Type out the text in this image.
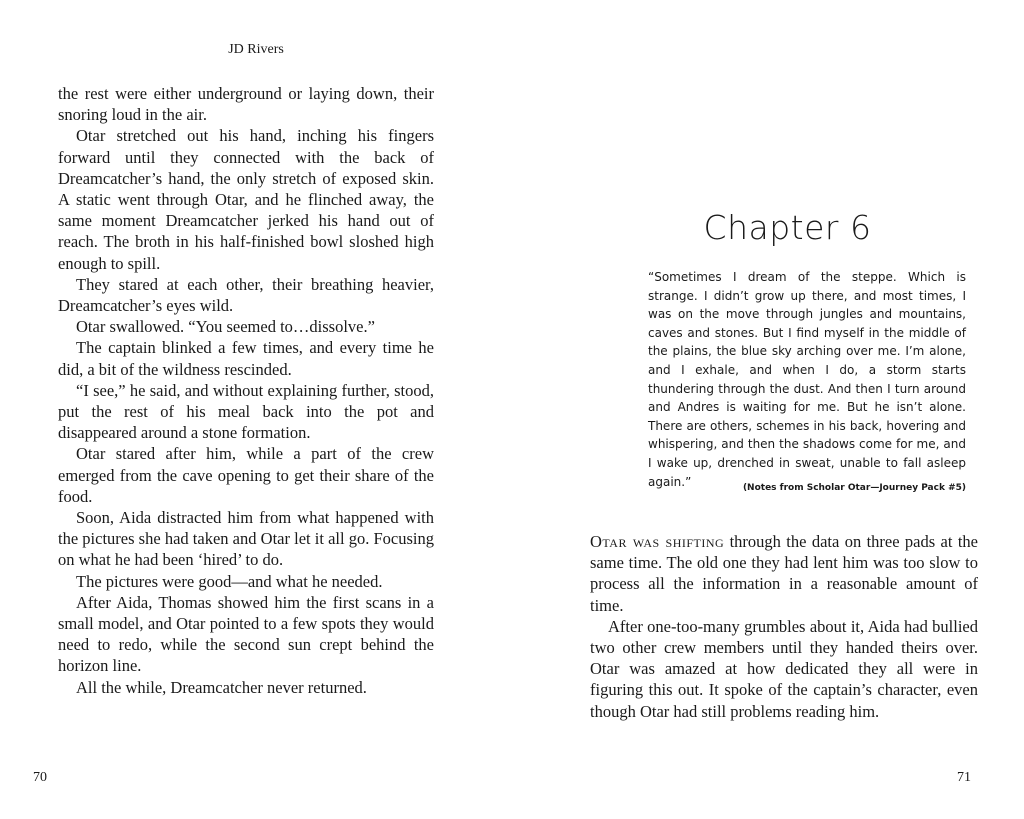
JD Rivers

the rest were either underground or laying down, their snoring loud in the air.

Otar stretched out his hand, inching his fingers forward until they connected with the back of Dreamcatcher’s hand, the only stretch of exposed skin. A static went through Otar, and he flinched away, the same moment Dreamcatcher jerked his hand out of reach. The broth in his half-finished bowl sloshed high enough to spill.

They stared at each other, their breathing heavier, Dreamcatcher’s eyes wild.

Otar swallowed. “You seemed to…dissolve.”

The captain blinked a few times, and every time he did, a bit of the wildness rescinded.

“I see,” he said, and without explaining further, stood, put the rest of his meal back into the pot and disappeared around a stone formation.

Otar stared after him, while a part of the crew emerged from the cave opening to get their share of the food.

Soon, Aida distracted him from what happened with the pictures she had taken and Otar let it all go. Focusing on what he had been ‘hired’ to do.

The pictures were good—and what he needed.

After Aida, Thomas showed him the first scans in a small model, and Otar pointed to a few spots they would need to redo, while the second sun crept behind the horizon line.

All the while, Dreamcatcher never returned.

70
Chapter 6
“Sometimes I dream of the steppe. Which is strange. I didn’t grow up there, and most times, I was on the move through jungles and mountains, caves and stones. But I find myself in the middle of the plains, the blue sky arching over me. I’m alone, and I exhale, and when I do, a storm starts thundering through the dust. And then I turn around and Andres is waiting for me. But he isn’t alone. There are others, schemes in his back, hovering and whispering, and then the shadows come for me, and I wake up, drenched in sweat, unable to fall asleep again.”	(Notes from Scholar Otar—Journey Pack #5)

Otar was shifting through the data on three pads at the same time. The old one they had lent him was too slow to process all the information in a reasonable amount of time.

After one-too-many grumbles about it, Aida had bullied two other crew members until they handed theirs over. Otar was amazed at how dedicated they all were in figuring this out. It spoke of the captain’s character, even though Otar had still problems reading him.

71
